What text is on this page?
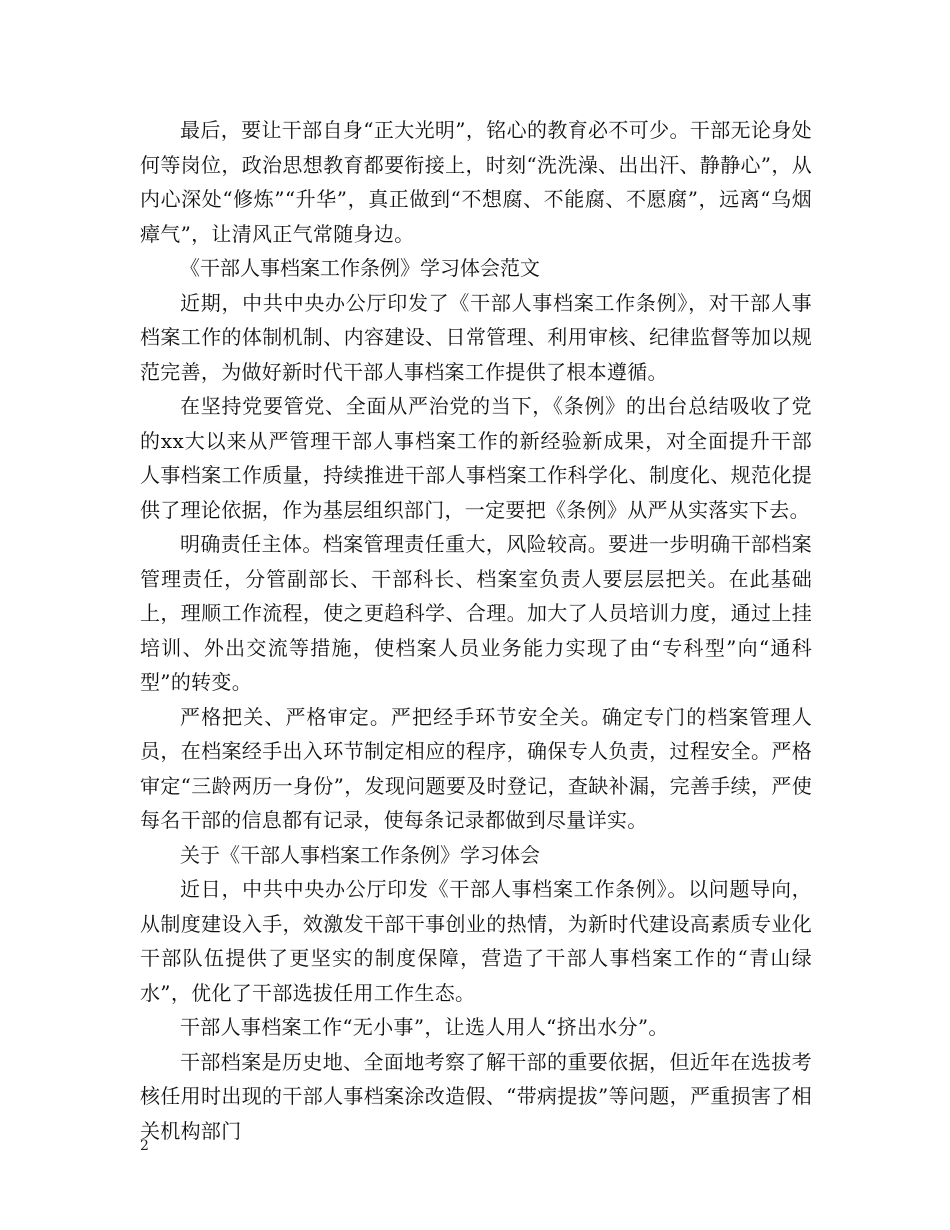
最后，要让干部自身“正大光明”，铭心的教育必不可少。干部无论身处何等岗位，政治思想教育都要衔接上，时刻“洗洗澡、出出汗、静静心”，从内心深处“修炼”“升华”，真正做到“不想腐、不能腐、不愿腐”，远离“乌烟瘴气”，让清风正气常随身边。

《干部人事档案工作条例》学习体会范文

近期，中共中央办公厅印发了《干部人事档案工作条例》，对干部人事档案工作的体制机制、内容建设、日常管理、利用审核、纪律监督等加以规范完善，为做好新时代干部人事档案工作提供了根本遵循。

在坚持党要管党、全面从严治党的当下，《条例》的出台总结吸收了党的xx大以来从严管理干部人事档案工作的新经验新成果，对全面提升干部人事档案工作质量，持续推进干部人事档案工作科学化、制度化、规范化提供了理论依据，作为基层组织部门，一定要把《条例》从严从实落实下去。

明确责任主体。档案管理责任重大，风险较高。要进一步明确干部档案管理责任，分管副部长、干部科长、档案室负责人要层层把关。在此基础上，理顺工作流程，使之更趋科学、合理。加大了人员培训力度，通过上挂培训、外出交流等措施，使档案人员业务能力实现了由“专科型”向“通科型”的转变。

严格把关、严格审定。严把经手环节安全关。确定专门的档案管理人员，在档案经手出入环节制定相应的程序，确保专人负责，过程安全。严格审定“三龄两历一身份”，发现问题要及时登记，查缺补漏，完善手续，严使每名干部的信息都有记录，使每条记录都做到尽量详实。

关于《干部人事档案工作条例》学习体会

近日，中共中央办公厅印发《干部人事档案工作条例》。以问题导向，从制度建设入手，效激发干部干事创业的热情，为新时代建设高素质专业化干部队伍提供了更坚实的制度保障，营造了干部人事档案工作的“青山绿水”，优化了干部选拔任用工作生态。

干部人事档案工作“无小事”，让选人用人“挤出水分”。

干部档案是历史地、全面地考察了解干部的重要依据，但近年在选拔考核任用时出现的干部人事档案涂改造假、“带病提拔”等问题，严重损害了相关机构部门

2
